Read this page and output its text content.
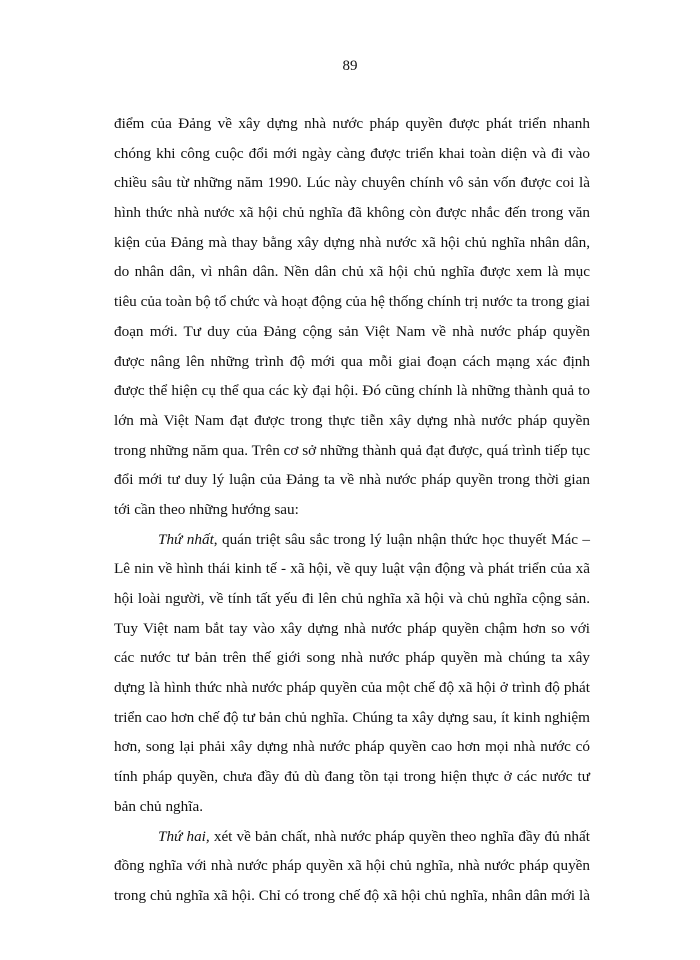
89
điểm của Đảng về xây dựng nhà nước pháp quyền được phát triển nhanh
chóng khi công cuộc đổi mới ngày càng được triển khai toàn diện và đi vào
chiều sâu từ những năm 1990. Lúc này chuyên chính vô sản vốn được coi là
hình thức nhà nước xã hội chủ nghĩa đã không còn được nhắc đến trong văn
kiện của Đảng mà thay bằng xây dựng nhà nước xã hội chủ nghĩa nhân dân,
do nhân dân, vì nhân dân. Nền dân chủ xã hội chủ nghĩa được xem là mục
tiêu của toàn bộ tổ chức và hoạt động của hệ thống chính trị nước ta trong giai
đoạn mới. Tư duy của Đảng cộng sản Việt Nam về nhà nước pháp quyền
được nâng lên những trình độ mới qua mỗi giai đoạn cách mạng xác định
được thể hiện cụ thể qua các kỳ đại hội. Đó cũng chính là những thành quả to
lớn mà Việt Nam đạt được trong thực tiễn xây dựng nhà nước pháp quyền
trong những năm qua. Trên cơ sở những thành quả đạt được, quá trình tiếp tục
đổi mới tư duy lý luận của Đảng ta về nhà nước pháp quyền trong thời gian
tới cần theo những hướng sau:
Thứ nhất, quán triệt sâu sắc trong lý luận nhận thức học thuyết Mác –
Lê nin về hình thái kinh tế - xã hội, về quy luật vận động và phát triển của xã
hội loài người, về tính tất yếu đi lên chủ nghĩa xã hội và chủ nghĩa cộng sản.
Tuy Việt nam bắt tay vào xây dựng nhà nước pháp quyền chậm hơn so với
các nước tư bản trên thế giới song nhà nước pháp quyền mà chúng ta xây
dựng là hình thức nhà nước pháp quyền của một chế độ xã hội ở trình độ phát
triển cao hơn chế độ tư bản chủ nghĩa. Chúng ta xây dựng sau, ít kinh nghiệm
hơn, song lại phải xây dựng nhà nước pháp quyền cao hơn mọi nhà nước có
tính pháp quyền, chưa đầy đủ dù đang tồn tại trong hiện thực ở các nước tư
bản chủ nghĩa.
Thứ hai, xét về bản chất, nhà nước pháp quyền theo nghĩa đầy đủ nhất
đồng nghĩa với nhà nước pháp quyền xã hội chủ nghĩa, nhà nước pháp quyền
trong chủ nghĩa xã hội. Chỉ có trong chế độ xã hội chủ nghĩa, nhân dân mới là
